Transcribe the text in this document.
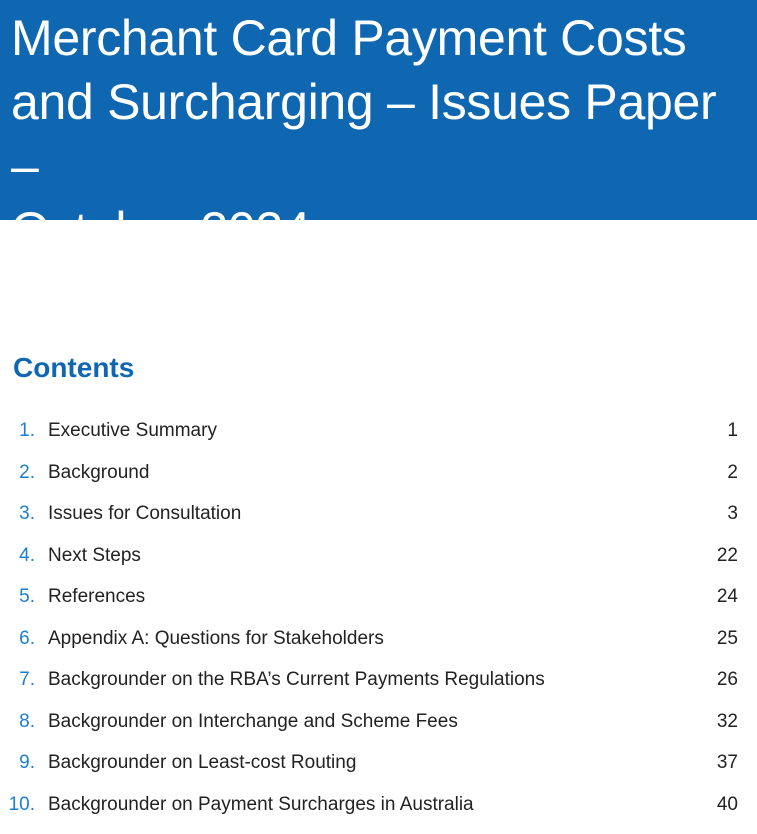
Merchant Card Payment Costs
and Surcharging – Issues Paper –
October 2024
Contents
1. Executive Summary	1
2. Background	2
3. Issues for Consultation	3
4. Next Steps	22
5. References	24
6. Appendix A: Questions for Stakeholders	25
7. Backgrounder on the RBA’s Current Payments Regulations	26
8. Backgrounder on Interchange and Scheme Fees	32
9. Backgrounder on Least-cost Routing	37
10. Backgrounder on Payment Surcharges in Australia	40
